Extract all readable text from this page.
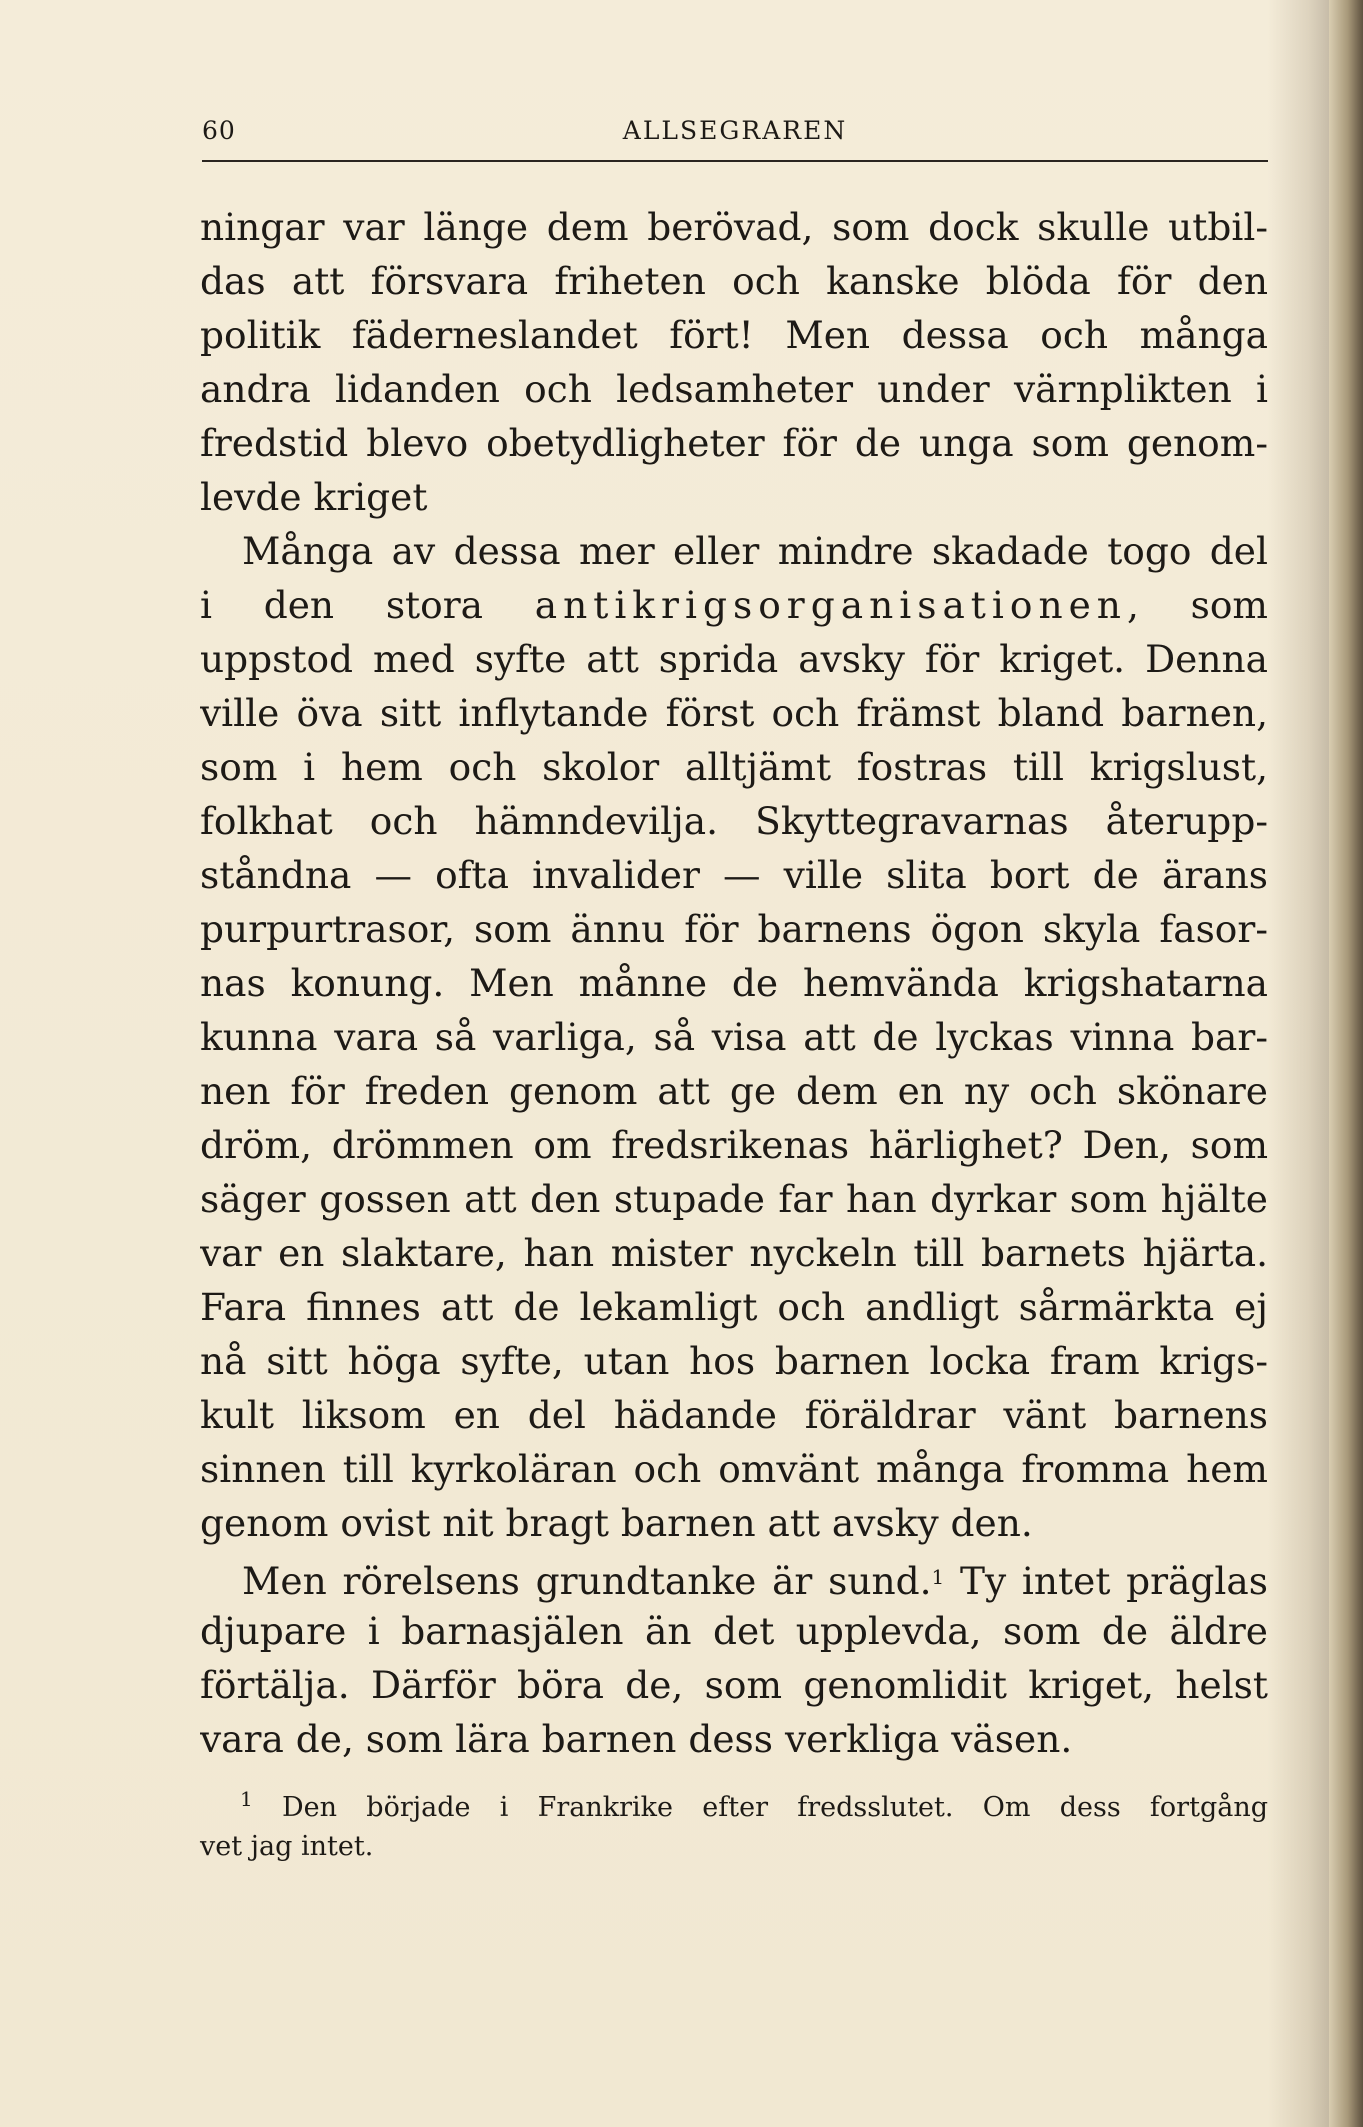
60	ALLSEGRAREN
ningar var länge dem berövad, som dock skulle utbil-
das att försvara friheten och kanske blöda för den
politik fäderneslandet fört! Men dessa och många
andra lidanden och ledsamheter under värnplikten i
fredstid blevo obetydligheter för de unga som genom-
levde kriget
Många av dessa mer eller mindre skadade togo del
i den stora antikrigsorganisationen, som
uppstod med syfte att sprida avsky för kriget. Denna
ville öva sitt inflytande först och främst bland barnen,
som i hem och skolor alltjämt fostras till krigslust,
folkhat och hämndevilja. Skyttegravarnas återupp-
ståndna — ofta invalider — ville slita bort de ärans
purpurtrasor, som ännu för barnens ögon skyla fasor-
nas konung. Men månne de hemvända krigshatarna
kunna vara så varliga, så visa att de lyckas vinna bar-
nen för freden genom att ge dem en ny och skönare
dröm, drömmen om fredsrikenas härlighet? Den, som
säger gossen att den stupade far han dyrkar som hjälte
var en slaktare, han mister nyckeln till barnets hjärta.
Fara finnes att de lekamligt och andligt sårmärkta ej
nå sitt höga syfte, utan hos barnen locka fram krigs-
kult liksom en del hädande föräldrar vänt barnens
sinnen till kyrkoläran och omvänt många fromma hem
genom ovist nit bragt barnen att avsky den.
Men rörelsens grundtanke är sund.$^1$ Ty intet präglas
djupare i barnasjälen än det upplevda, som de äldre
förtälja. Därför böra de, som genomlidit kriget, helst
vara de, som lära barnen dess verkliga väsen.
$^1$ Den började i Frankrike efter fredsslutet. Om dess fortgång
vet jag intet.
